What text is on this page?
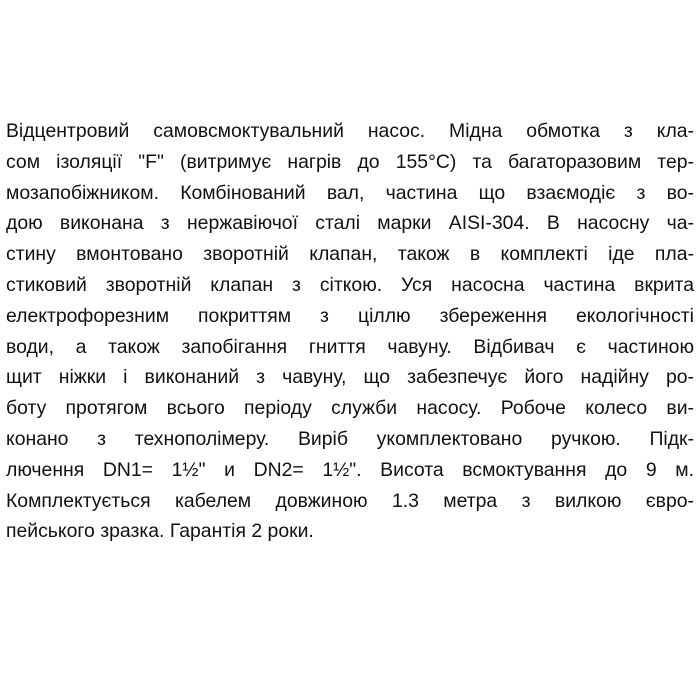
Відцентровий самовсмоктувальний насос. Мідна обмотка з кла-
сом ізоляції "F" (витримує нагрів до 155°С) та багаторазовим тер-
мозапобіжником. Комбінований вал, частина що взаємодіє з во-
дою виконана з нержавіючої сталі марки AISI-304. В насосну ча-
стину вмонтовано зворотній клапан, також в комплекті іде пла-
стиковий зворотній клапан з сіткою. Уся насосна частина вкрита
електрофорезним покриттям з ціллю збереження екологічності
води, а також запобігання гниття чавуну. Відбивач є частиною
щит ніжки і виконаний з чавуну, що забезпечує його надійну ро-
боту протягом всього періоду служби насосу. Робоче колесо ви-
конано з технополімеру. Виріб укомплектовано ручкою. Підк-
лючення DN1= 1½" и DN2= 1½". Висота всмоктування до 9 м.
Комплектується кабелем довжиною 1.3 метра з вилкою євро-
пейського зразка. Гарантія 2 роки.
